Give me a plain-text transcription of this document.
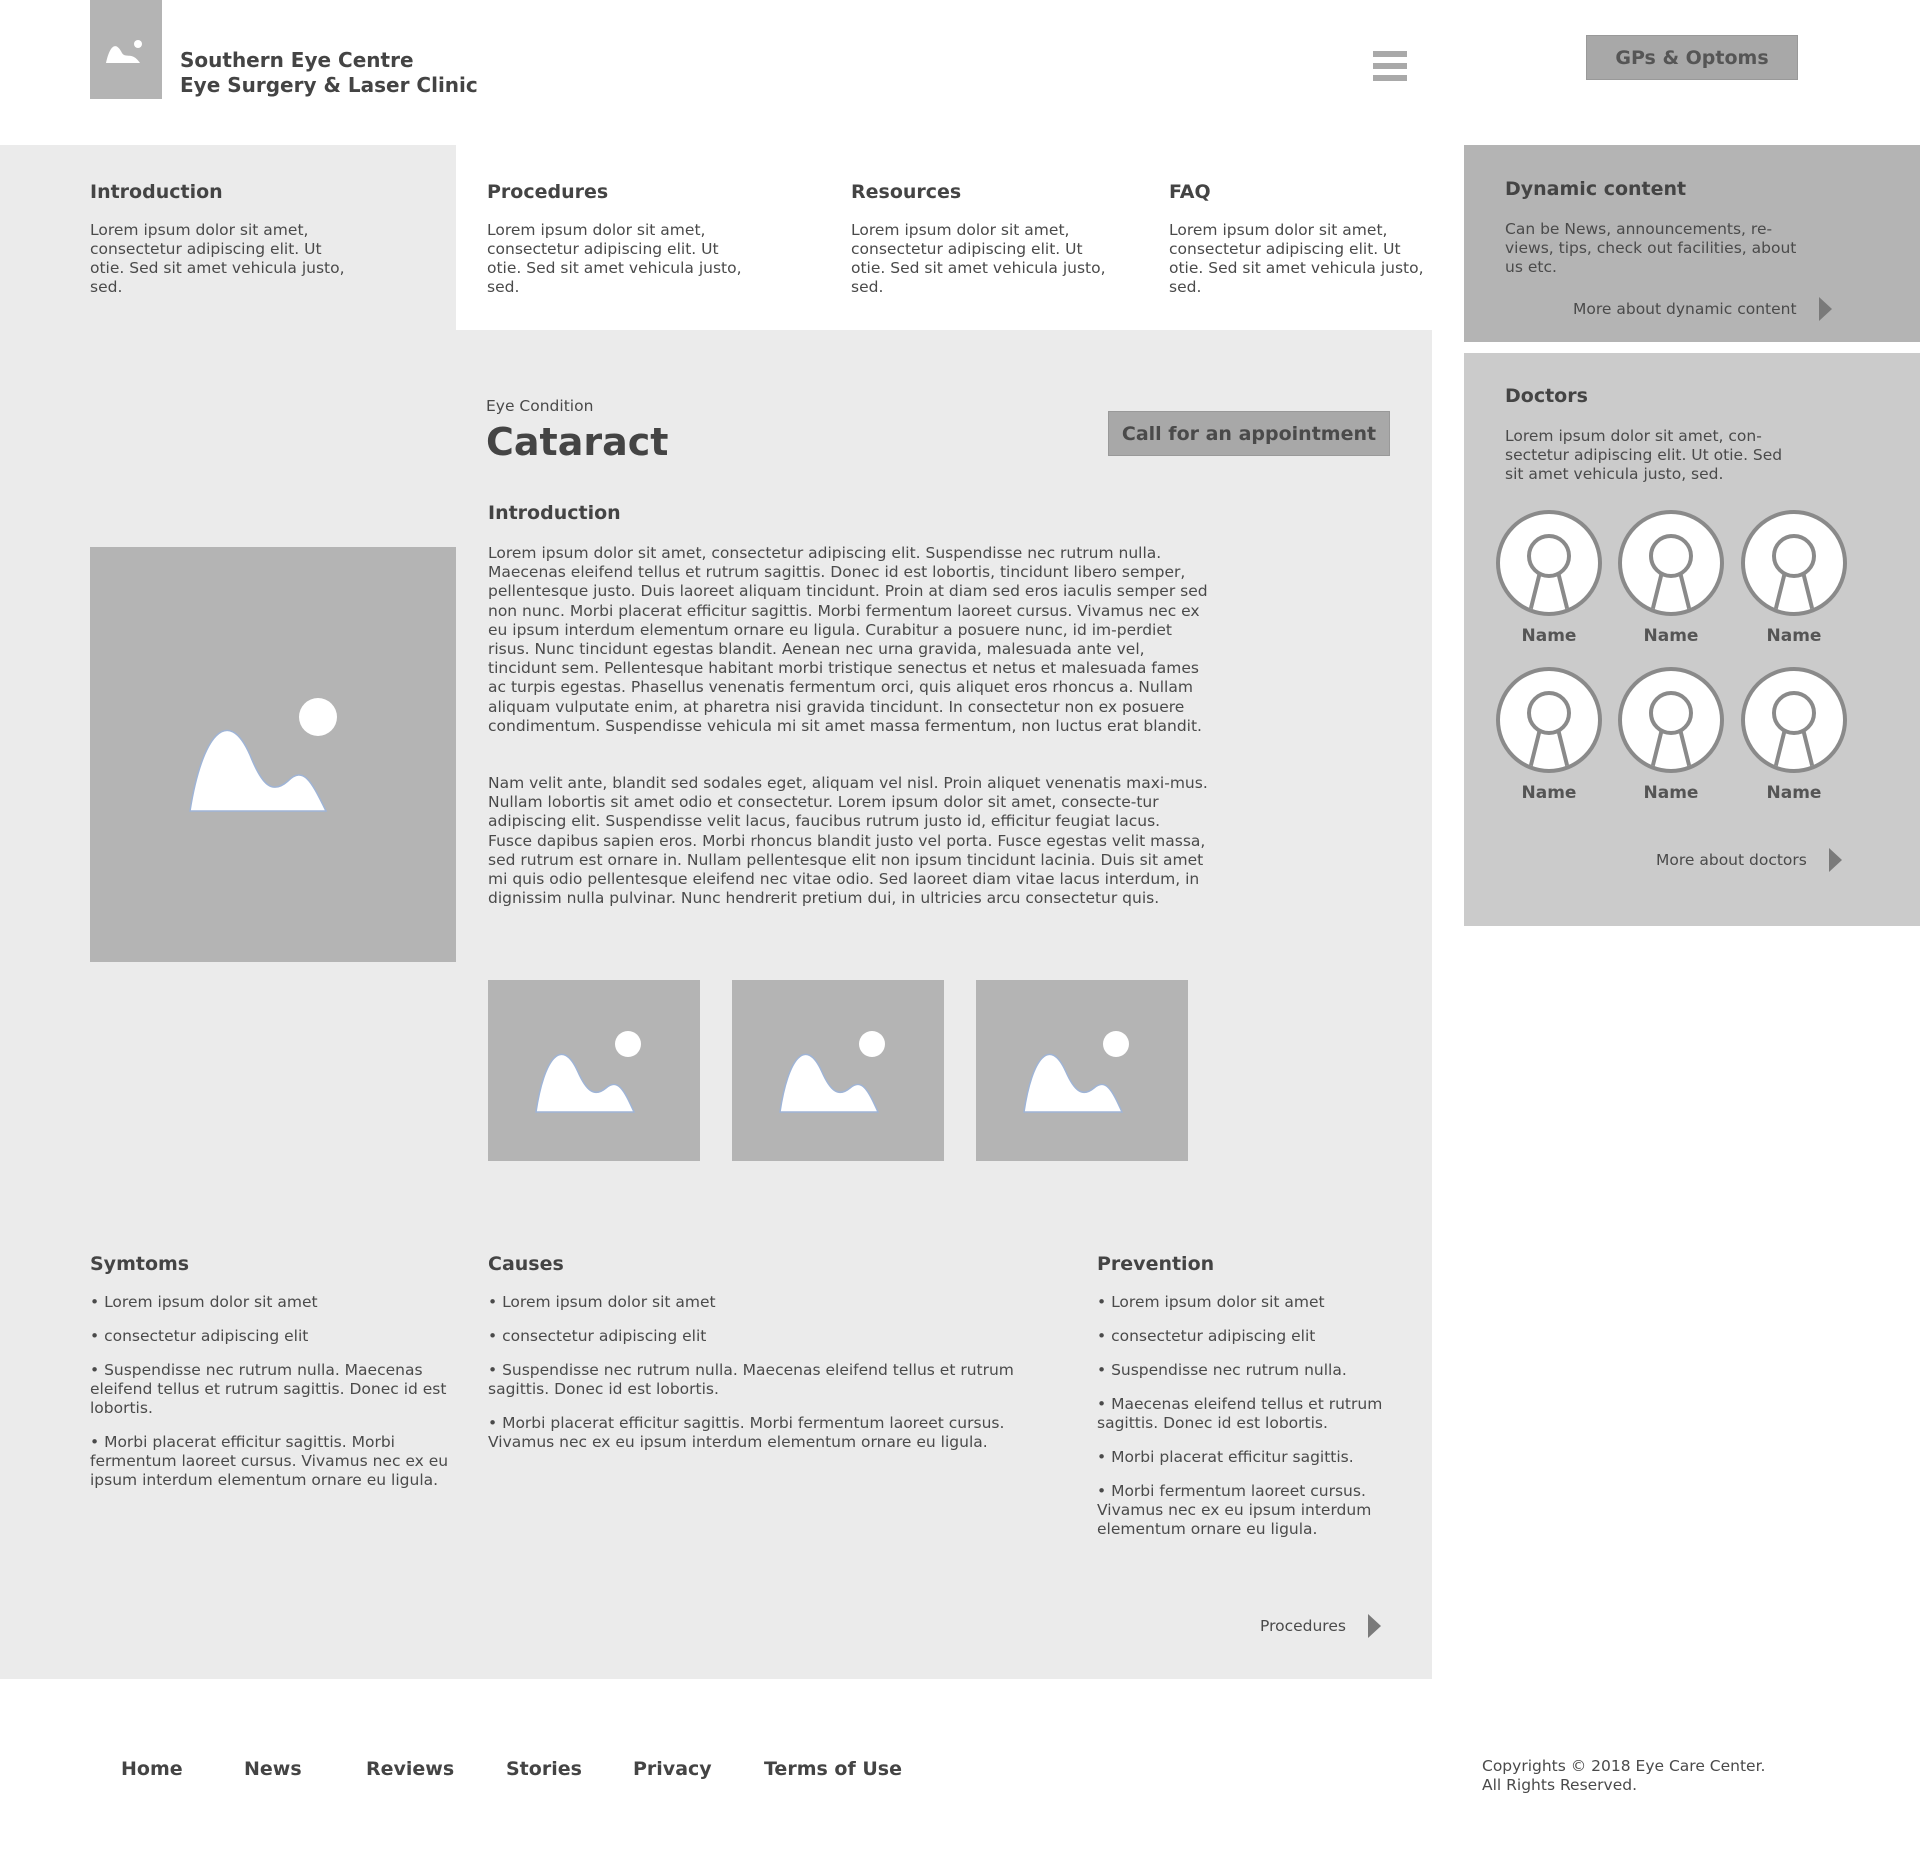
Southern Eye Centre
Eye Surgery & Laser Clinic
GPs & Optoms
Introduction

Lorem ipsum dolor sit amet, consectetur adipiscing elit. Ut otie. Sed sit amet vehicula justo, sed.

Procedures

Lorem ipsum dolor sit amet, consectetur adipiscing elit. Ut otie. Sed sit amet vehicula justo, sed.

Resources

Lorem ipsum dolor sit amet, consectetur adipiscing elit. Ut otie. Sed sit amet vehicula justo, sed.

FAQ

Lorem ipsum dolor sit amet, consectetur adipiscing elit. Ut otie. Sed sit amet vehicula justo, sed.

Dynamic content
Can be News, announcements, re-views, tips, check out facilities, about us etc.
More about dynamic content
Doctors
Lorem ipsum dolor sit amet, con-sectetur adipiscing elit. Ut otie. Sed sit amet vehicula justo, sed.
Name	Name	Name
Name	Name	Name
More about doctors
Eye Condition
Cataract	Call for an appointment
Introduction

Lorem ipsum dolor sit amet, consectetur adipiscing elit. Suspendisse nec rutrum nulla. Maecenas eleifend tellus et rutrum sagittis. Donec id est lobortis, tincidunt libero semper, pellentesque justo. Duis laoreet aliquam tincidunt. Proin at diam sed eros iaculis semper sed non nunc. Morbi placerat efficitur sagittis. Morbi fermentum laoreet cursus. Vivamus nec ex eu ipsum interdum elementum ornare eu ligula. Curabitur a posuere nunc, id im-perdiet risus. Nunc tincidunt egestas blandit. Aenean nec urna gravida, malesuada ante vel, tincidunt sem. Pellentesque habitant morbi tristique senectus et netus et malesuada fames ac turpis egestas. Phasellus venenatis fermentum orci, quis aliquet eros rhoncus a. Nullam aliquam vulputate enim, at pharetra nisi gravida tincidunt. In consectetur non ex posuere condimentum. Suspendisse vehicula mi sit amet massa fermentum, non luctus erat blandit.

Nam velit ante, blandit sed sodales eget, aliquam vel nisl. Proin aliquet venenatis maxi-mus. Nullam lobortis sit amet odio et consectetur. Lorem ipsum dolor sit amet, consecte-tur adipiscing elit. Suspendisse velit lacus, faucibus rutrum justo id, efficitur feugiat lacus. Fusce dapibus sapien eros. Morbi rhoncus blandit justo vel porta. Fusce egestas velit massa, sed rutrum est ornare in. Nullam pellentesque elit non ipsum tincidunt lacinia. Duis sit amet mi quis odio pellentesque eleifend nec vitae odio. Sed laoreet diam vitae lacus interdum, in dignissim nulla pulvinar. Nunc hendrerit pretium dui, in ultricies arcu consectetur quis.

Symtoms
• Lorem ipsum dolor sit amet
• consectetur adipiscing elit
• Suspendisse nec rutrum nulla. Maecenas eleifend tellus et rutrum sagittis. Donec id est lobortis.
• Morbi placerat efficitur sagittis. Morbi fermentum laoreet cursus. Vivamus nec ex eu ipsum interdum elementum ornare eu ligula.
Causes
• Lorem ipsum dolor sit amet
• consectetur adipiscing elit
• Suspendisse nec rutrum nulla. Maecenas eleifend tellus et rutrum sagittis. Donec id est lobortis.
• Morbi placerat efficitur sagittis. Morbi fermentum laoreet cursus. Vivamus nec ex eu ipsum interdum elementum ornare eu ligula.
Prevention
• Lorem ipsum dolor sit amet
• consectetur adipiscing elit
• Suspendisse nec rutrum nulla.
• Maecenas eleifend tellus et rutrum sagittis. Donec id est lobortis.
• Morbi placerat efficitur sagittis.
• Morbi fermentum laoreet cursus. Vivamus nec ex eu ipsum interdum elementum ornare eu ligula.
Procedures
Home	News	Reviews	Stories	Privacy	Terms of Use	Copyrights © 2018 Eye Care Center.
All Rights Reserved.
